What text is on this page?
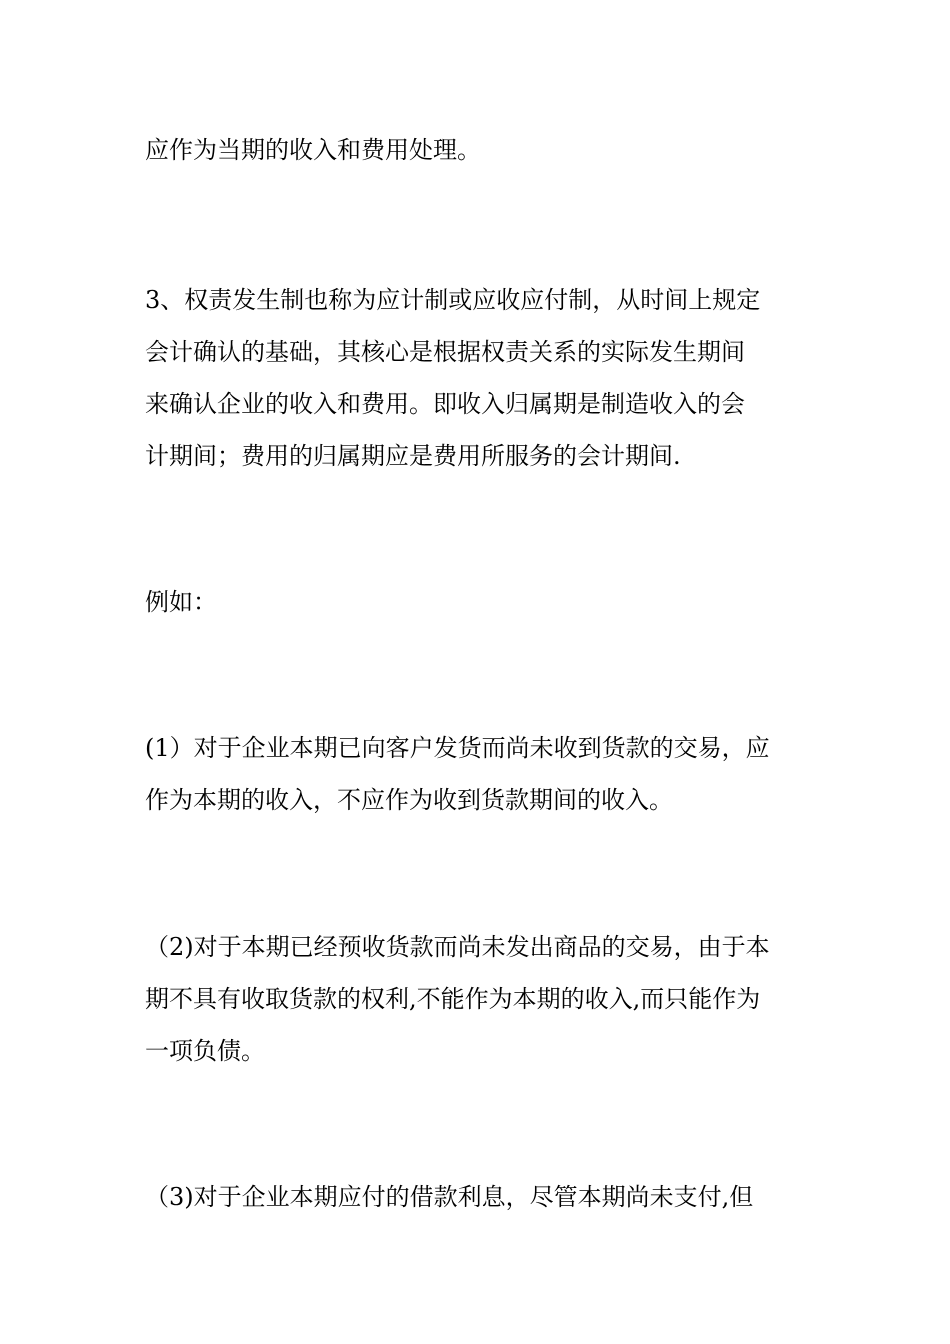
应作为当期的收入和费用处理。

3、权责发生制也称为应计制或应收应付制，从时间上规定
会计确认的基础，其核心是根据权责关系的实际发生期间
来确认企业的收入和费用。即收入归属期是制造收入的会
计期间；费用的归属期应是费用所服务的会计期间.

例如：

(1）对于企业本期已向客户发货而尚未收到货款的交易，应
作为本期的收入，不应作为收到货款期间的收入。

（2)对于本期已经预收货款而尚未发出商品的交易，由于本
期不具有收取货款的权利,不能作为本期的收入,而只能作为
一项负债。

（3)对于企业本期应付的借款利息，尽管本期尚未支付,但
